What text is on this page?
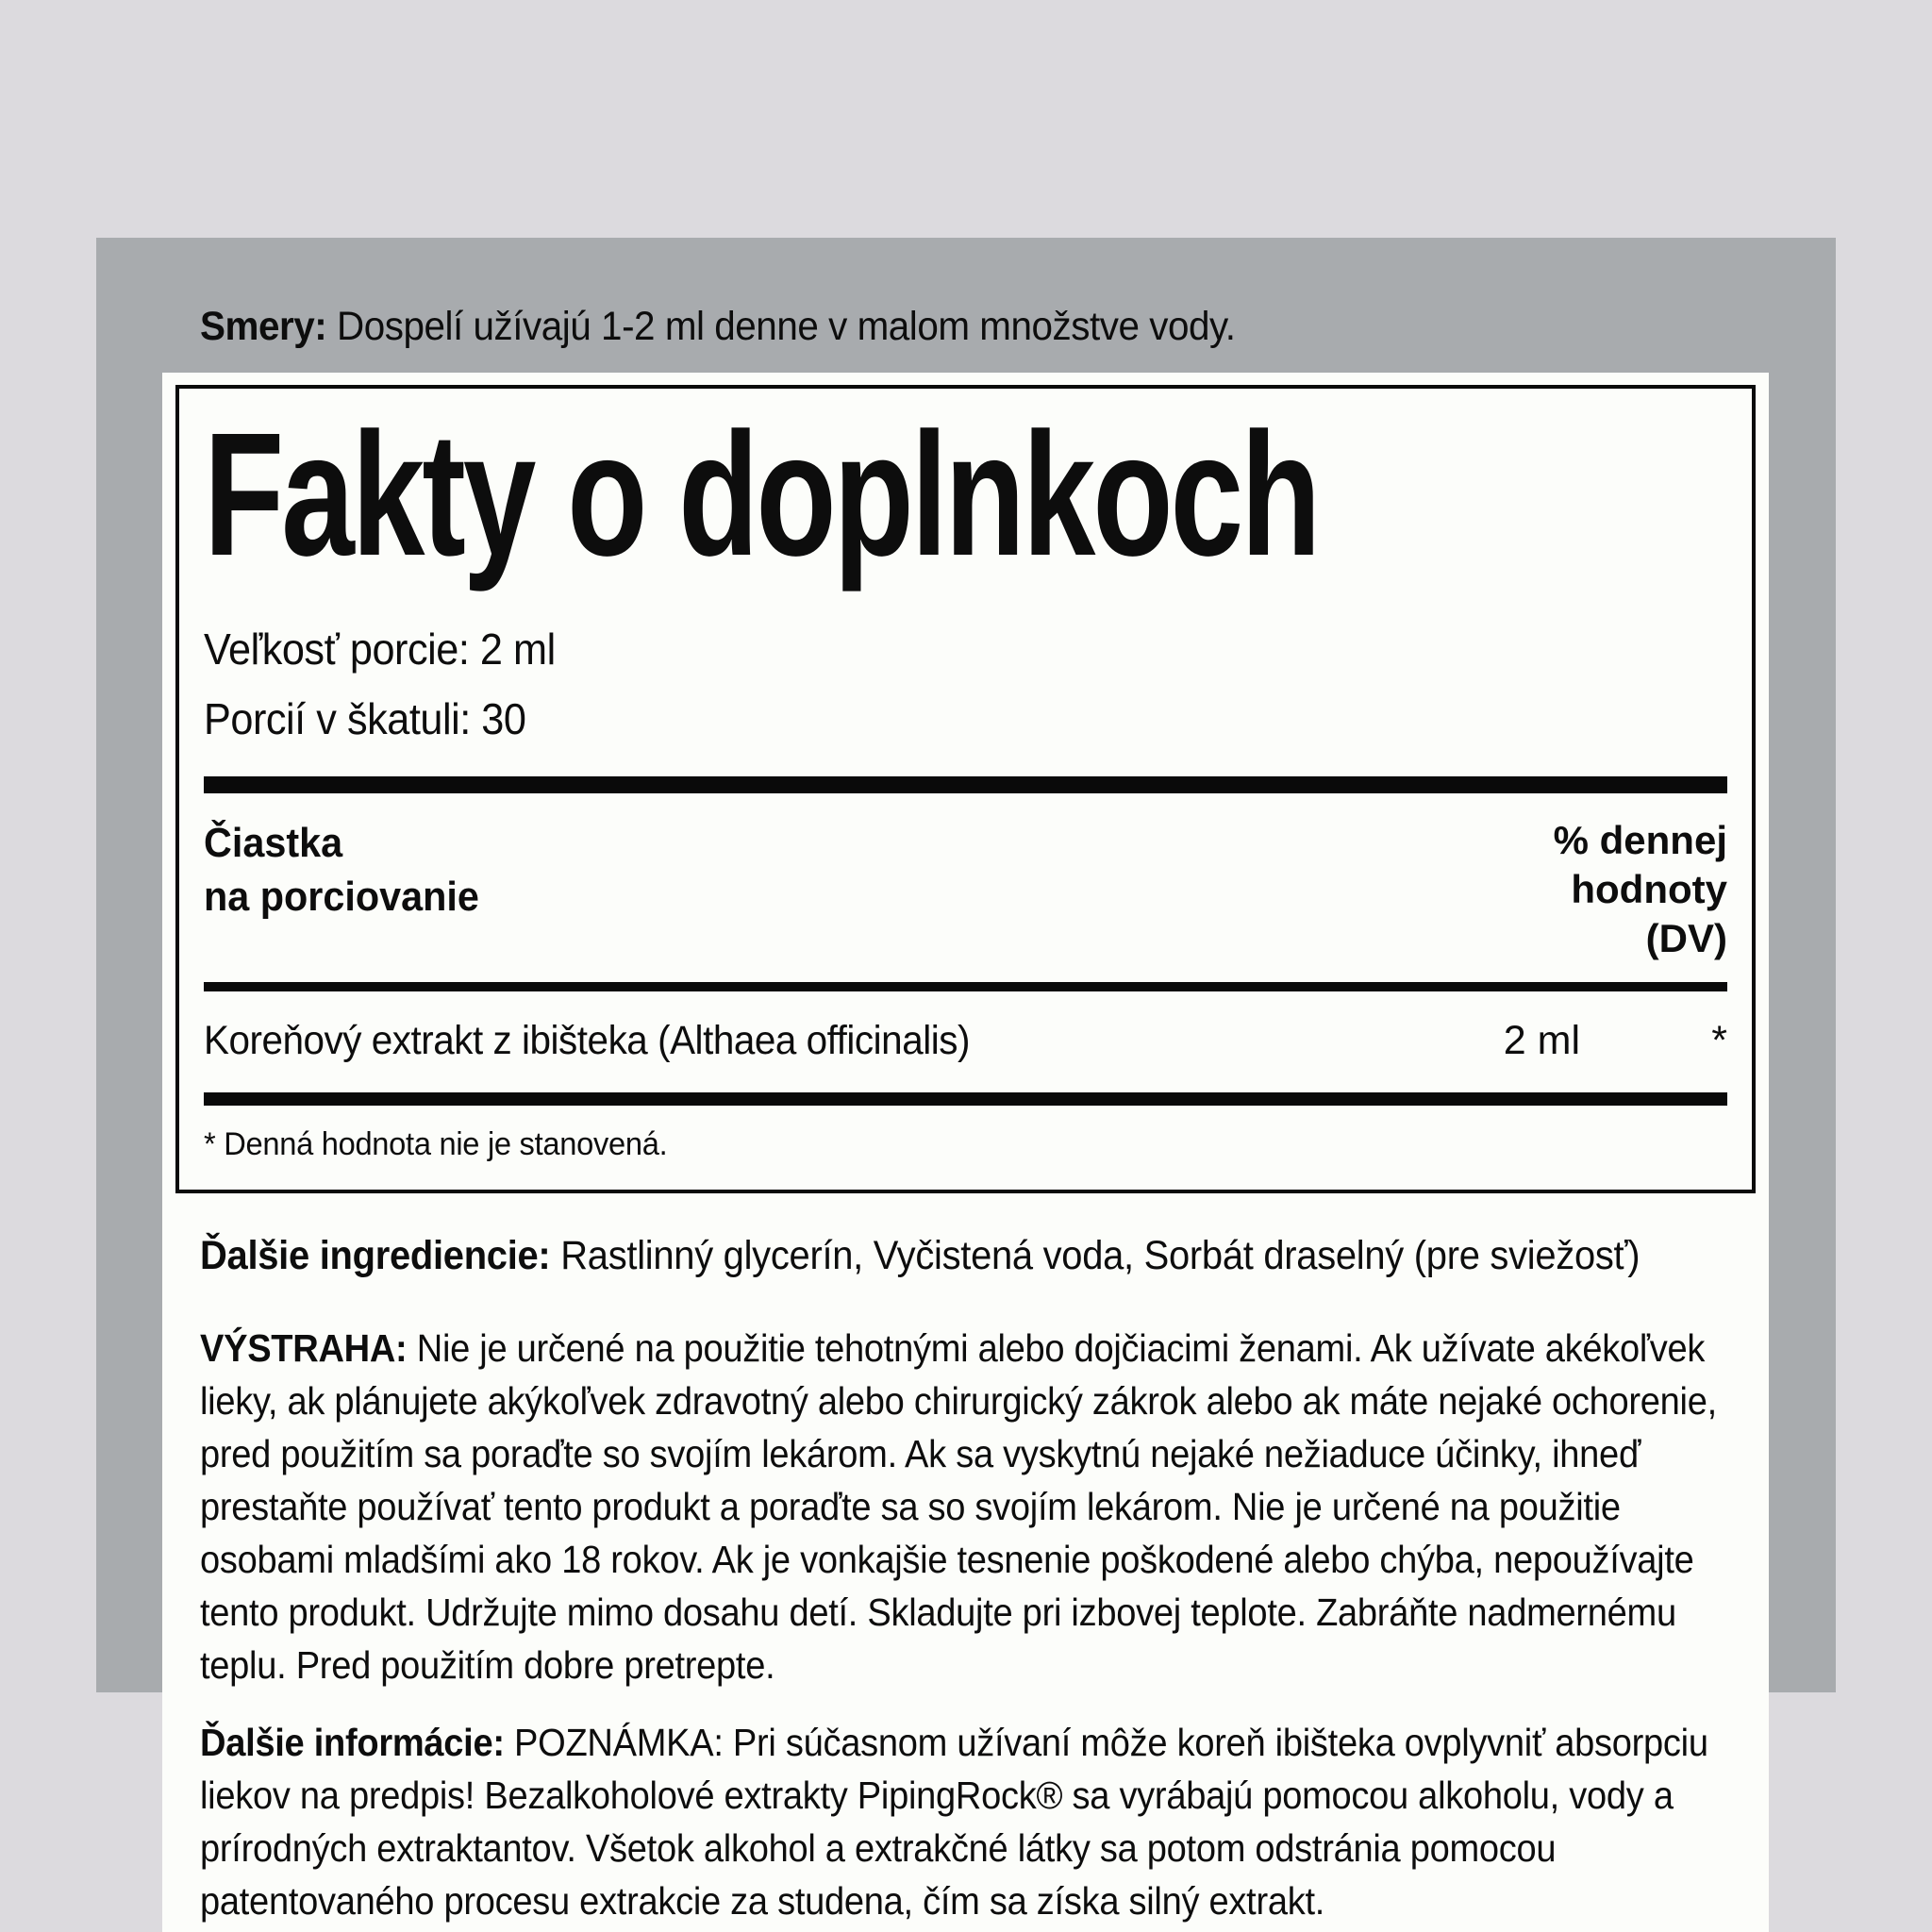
Smery: Dospelí užívajú 1-2 ml denne v malom množstve vody.
Fakty o doplnkoch
Veľkosť porcie: 2 ml
Porcií v škatuli: 30
Čiastka
na porciovanie
% dennej
hodnoty
(DV)
Koreňový extrakt z ibišteka (Althaea officinalis)	2 ml	*
* Denná hodnota nie je stanovená.
Ďalšie ingrediencie: Rastlinný glycerín, Vyčistená voda, Sorbát draselný (pre sviežosť)
VÝSTRAHA: Nie je určené na použitie tehotnými alebo dojčiacimi ženami. Ak užívate akékoľvek lieky, ak plánujete akýkoľvek zdravotný alebo chirurgický zákrok alebo ak máte nejaké ochorenie, pred použitím sa poraďte so svojím lekárom. Ak sa vyskytnú nejaké nežiaduce účinky, ihneď prestaňte používať tento produkt a poraďte sa so svojím lekárom. Nie je určené na použitie osobami mladšími ako 18 rokov. Ak je vonkajšie tesnenie poškodené alebo chýba, nepoužívajte tento produkt. Udržujte mimo dosahu detí. Skladujte pri izbovej teplote. Zabráňte nadmernému teplu. Pred použitím dobre pretrepte.
Ďalšie informácie: POZNÁMKA: Pri súčasnom užívaní môže koreň ibišteka ovplyvniť absorpciu liekov na predpis! Bezalkoholové extrakty PipingRock® sa vyrábajú pomocou alkoholu, vody a prírodných extraktantov. Všetok alkohol a extrakčné látky sa potom odstránia pomocou patentovaného procesu extrakcie za studena, čím sa získa silný extrakt.
